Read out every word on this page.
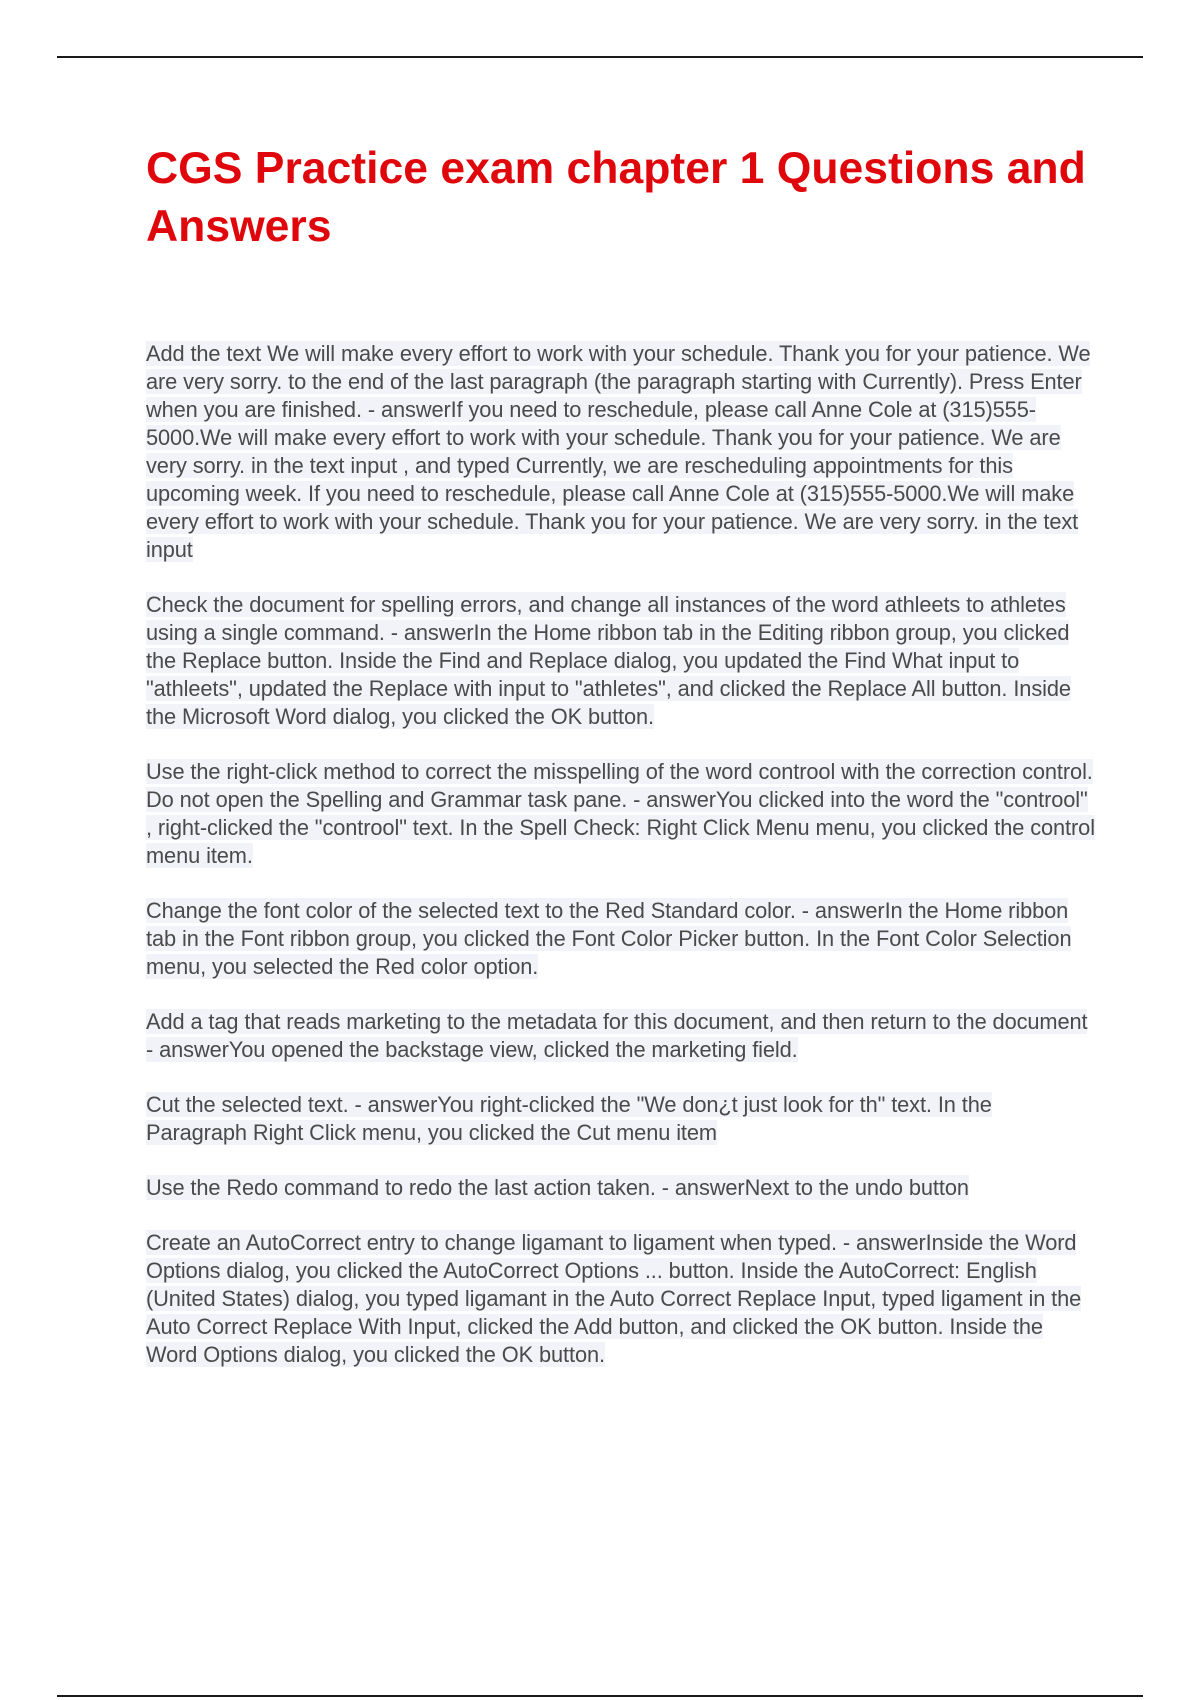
CGS Practice exam chapter 1 Questions and Answers
Add the text We will make every effort to work with your schedule. Thank you for your patience. We are very sorry. to the end of the last paragraph (the paragraph starting with Currently). Press Enter when you are finished. - answerIf you need to reschedule, please call Anne Cole at (315)555-5000.We will make every effort to work with your schedule. Thank you for your patience. We are very sorry. in the text input , and typed Currently, we are rescheduling appointments for this upcoming week. If you need to reschedule, please call Anne Cole at (315)555-5000.We will make every effort to work with your schedule. Thank you for your patience. We are very sorry. in the text input
Check the document for spelling errors, and change all instances of the word athleets to athletes using a single command. - answerIn the Home ribbon tab in the Editing ribbon group, you clicked the Replace button. Inside the Find and Replace dialog, you updated the Find What input to "athleets", updated the Replace with input to "athletes", and clicked the Replace All button. Inside the Microsoft Word dialog, you clicked the OK button.
Use the right-click method to correct the misspelling of the word controol with the correction control. Do not open the Spelling and Grammar task pane. - answerYou clicked into the word the "controol" , right-clicked the "controol" text. In the Spell Check: Right Click Menu menu, you clicked the control menu item.
Change the font color of the selected text to the Red Standard color. - answerIn the Home ribbon tab in the Font ribbon group, you clicked the Font Color Picker button. In the Font Color Selection menu, you selected the Red color option.
Add a tag that reads marketing to the metadata for this document, and then return to the document - answerYou opened the backstage view, clicked the marketing field.
Cut the selected text. - answerYou right-clicked the "We don¿t just look for th" text. In the Paragraph Right Click menu, you clicked the Cut menu item
Use the Redo command to redo the last action taken. - answerNext to the undo button
Create an AutoCorrect entry to change ligamant to ligament when typed. - answerInside the Word Options dialog, you clicked the AutoCorrect Options ... button. Inside the AutoCorrect: English (United States) dialog, you typed ligamant in the Auto Correct Replace Input, typed ligament in the Auto Correct Replace With Input, clicked the Add button, and clicked the OK button. Inside the Word Options dialog, you clicked the OK button.
